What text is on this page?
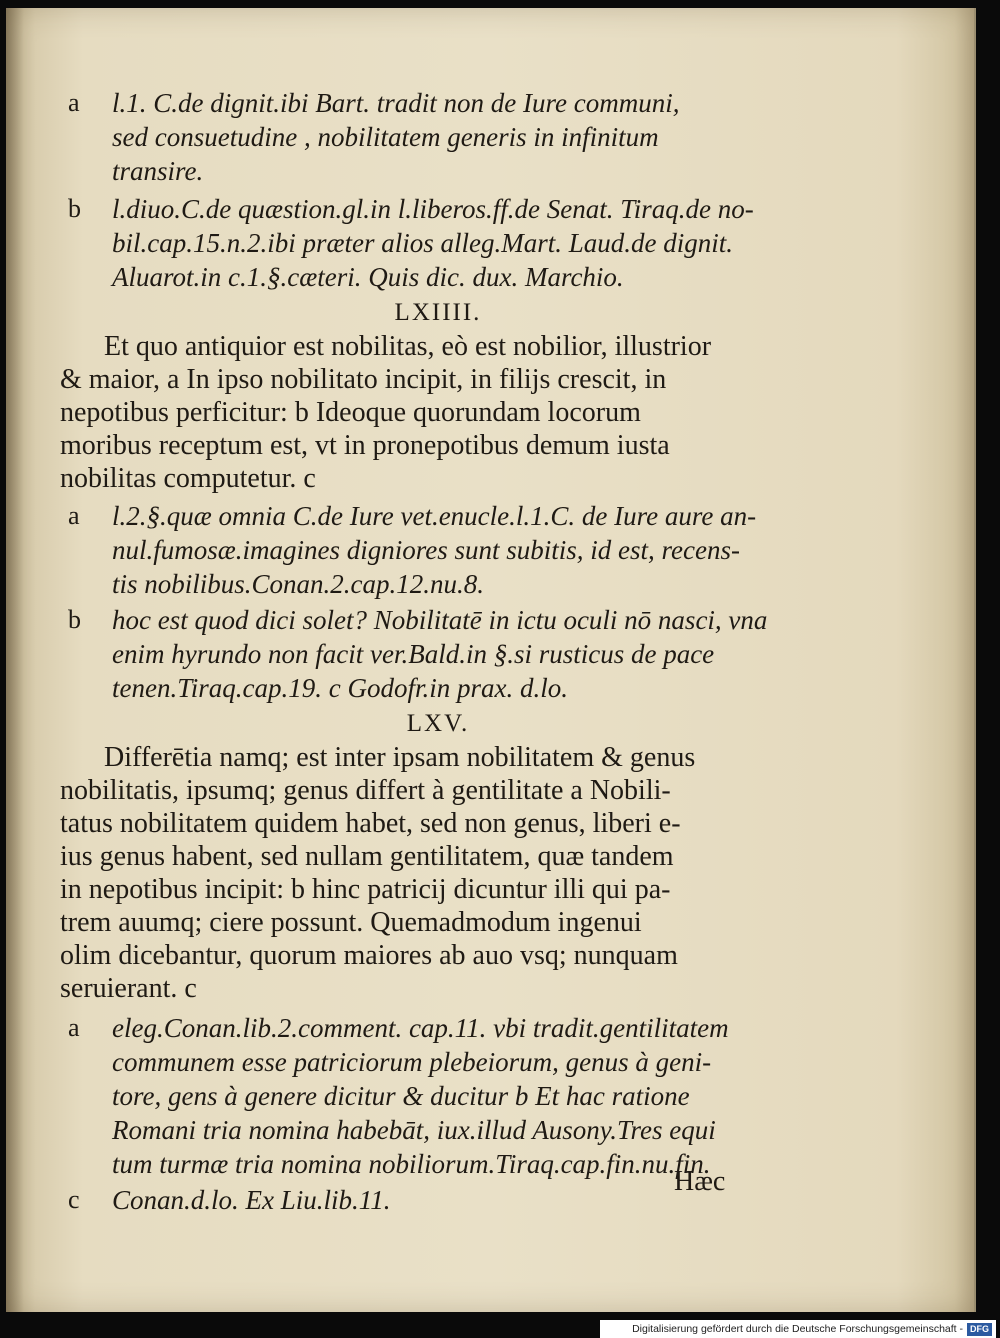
a l.1. C.de dignit.ibi Bart. tradit non de Iure communi,
sed consuetudine , nobilitatem generis in infinitum
transire.
b l.diuo.C.de quæstion.gl.in l.liberos.ff.de Senat. Tiraq.de no-
bil.cap.15.n.2.ibi præter alios alleg.Mart. Laud.de dignit.
Aluarot.in c.1.§.cæteri. Quis dic. dux. Marchio.
LXIIII.
Et quo antiquior est nobilitas, eò est nobilior, illustrior
& maior, a In ipso nobilitato incipit, in filijs crescit, in
nepotibus perficitur: b Ideoque quorundam locorum
moribus receptum est, vt in pronepotibus demum iusta
nobilitas computetur. c
a l.2.§.quæ omnia C.de Iure vet.enucle.l.1.C. de Iure aure an-
nul.fumosæ.imagines digniores sunt subitis, id est, recens-
tis nobilibus.Conan.2.cap.12.nu.8.
b hoc est quod dici solet? Nobilitatē in ictu oculi nō nasci, vna
enim hyrundo non facit ver.Bald.in §.si rusticus de pace
tenen.Tiraq.cap.19. c Godofr.in prax. d.lo.
LXV.
Differētia namq; est inter ipsam nobilitatem & genus
nobilitatis, ipsumq; genus differt à gentilitate a Nobili-
tatus nobilitatem quidem habet, sed non genus, liberi e-
ius genus habent, sed nullam gentilitatem, quæ tandem
in nepotibus incipit: b hinc patricij dicuntur illi qui pa-
trem auumq; ciere possunt. Quemadmodum ingenui
olim dicebantur, quorum maiores ab auo vsq; nunquam
seruierant. c
a eleg.Conan.lib.2.comment. cap.11. vbi tradit.gentilitatem
communem esse patriciorum plebeiorum, genus à geni-
tore, gens à genere dicitur & ducitur b Et hac ratione
Romani tria nomina habebāt, iux.illud Ausony.Tres equi
tum turmæ tria nomina nobiliorum.Tiraq.cap.fin.nu.fin.
c Conan.d.lo. Ex Liu.lib.11.
Hæc
Digitalisierung gefördert durch die Deutsche Forschungsgemeinschaft - DFG
